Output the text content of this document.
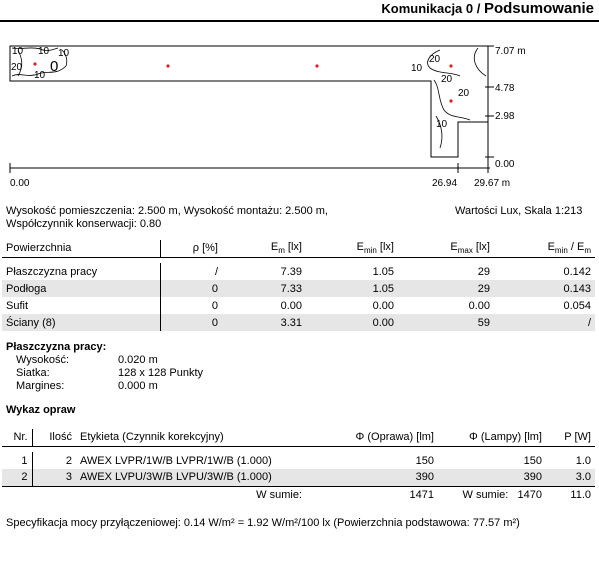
Komunikacja 0 / Podsumowanie
10 10 10
20
10
0	10
20
20
20
10
7.07 m
4.78
2.98
0.00
0.00	26.94 29.67 m
Wysokość pomieszczenia: 2.500 m, Wysokość montażu: 2.500 m,	Wartości Lux, Skala 1:213
Współczynnik konserwacji: 0.80
Powierzchnia	ρ [%]	$E_m$ [lx]	$E_{min}$ [lx]	$E_{max}$ [lx]	$E_{min} / E_m$

Płaszczyzna pracy	/	7.39	1.05	29	0.142
Podłoga	0	7.33	1.05	29	0.143
Sufit	0	0.00	0.00	0.00	0.054
Ściany (8)	0	3.31	0.00	59	/
Płaszczyzna pracy:
Wysokość:	0.020 m
Siatka:	128 x 128 Punkty
Margines:	0.000 m
Wykaz opraw
Nr.	Ilość	Etykieta (Czynnik korekcyjny)	Φ (Oprawa) [lm]	Φ (Lampy) [lm]	P [W]

1	2	AWEX LVPR/1W/B LVPR/1W/B (1.000)	150	150	1.0
2	3	AWEX LVPU/3W/B LVPU/3W/B (1.000)	390	390	3.0
		W sumie:	1471	W sumie: 1470	11.0
Specyfikacja mocy przyłączeniowej: 0.14 W/m² = 1.92 W/m²/100 lx (Powierzchnia podstawowa: 77.57 m²)
